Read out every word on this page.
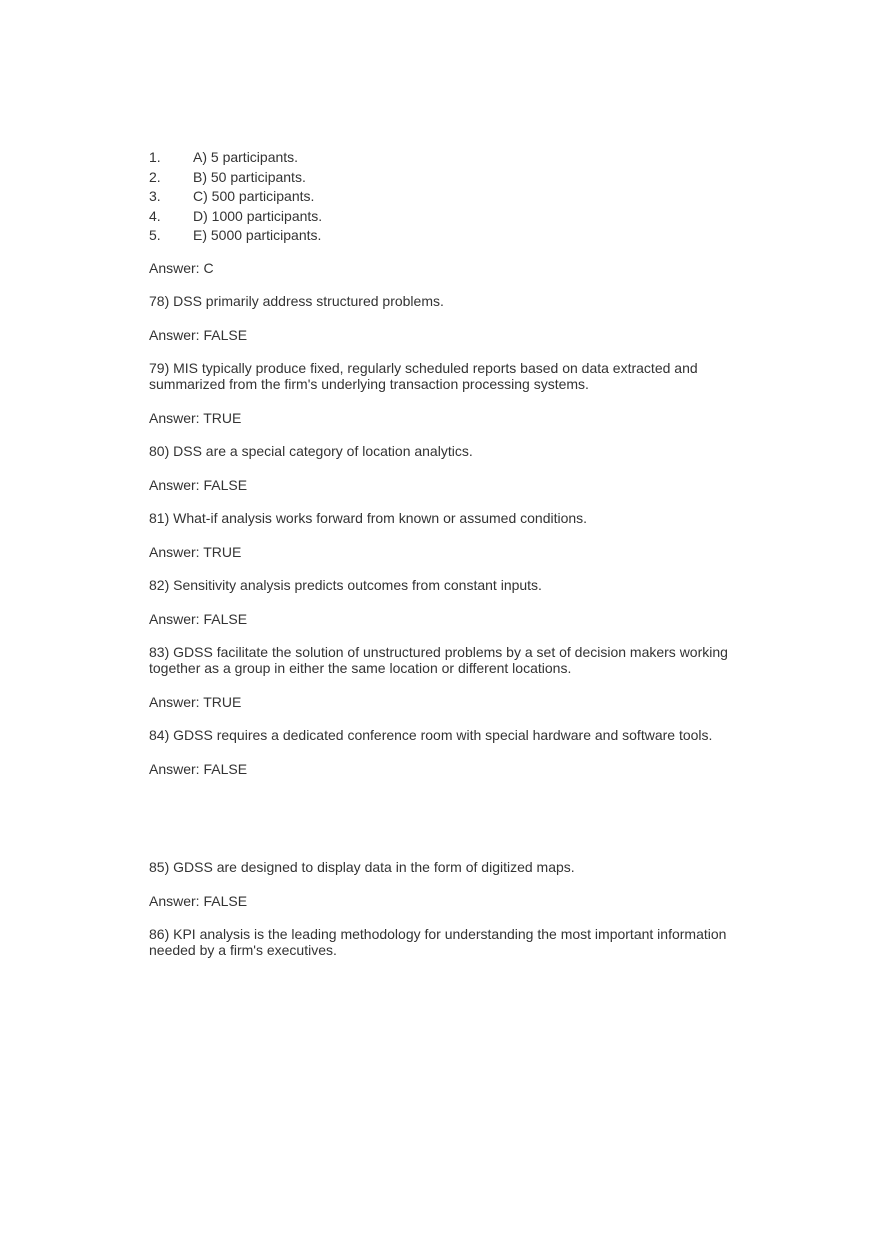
1.	A) 5 participants.
2.	B) 50 participants.
3.	C) 500 participants.
4.	D) 1000 participants.
5.	E) 5000 participants.

Answer: C

78) DSS primarily address structured problems.

Answer: FALSE

79) MIS typically produce fixed, regularly scheduled reports based on data extracted and summarized from the firm's underlying transaction processing systems.

Answer: TRUE

80) DSS are a special category of location analytics.

Answer: FALSE

81) What-if analysis works forward from known or assumed conditions.

Answer: TRUE

82) Sensitivity analysis predicts outcomes from constant inputs.

Answer: FALSE

83) GDSS facilitate the solution of unstructured problems by a set of decision makers working together as a group in either the same location or different locations.

Answer: TRUE

84) GDSS requires a dedicated conference room with special hardware and software tools.

Answer: FALSE

85) GDSS are designed to display data in the form of digitized maps.

Answer: FALSE

86) KPI analysis is the leading methodology for understanding the most important information needed by a firm's executives.
